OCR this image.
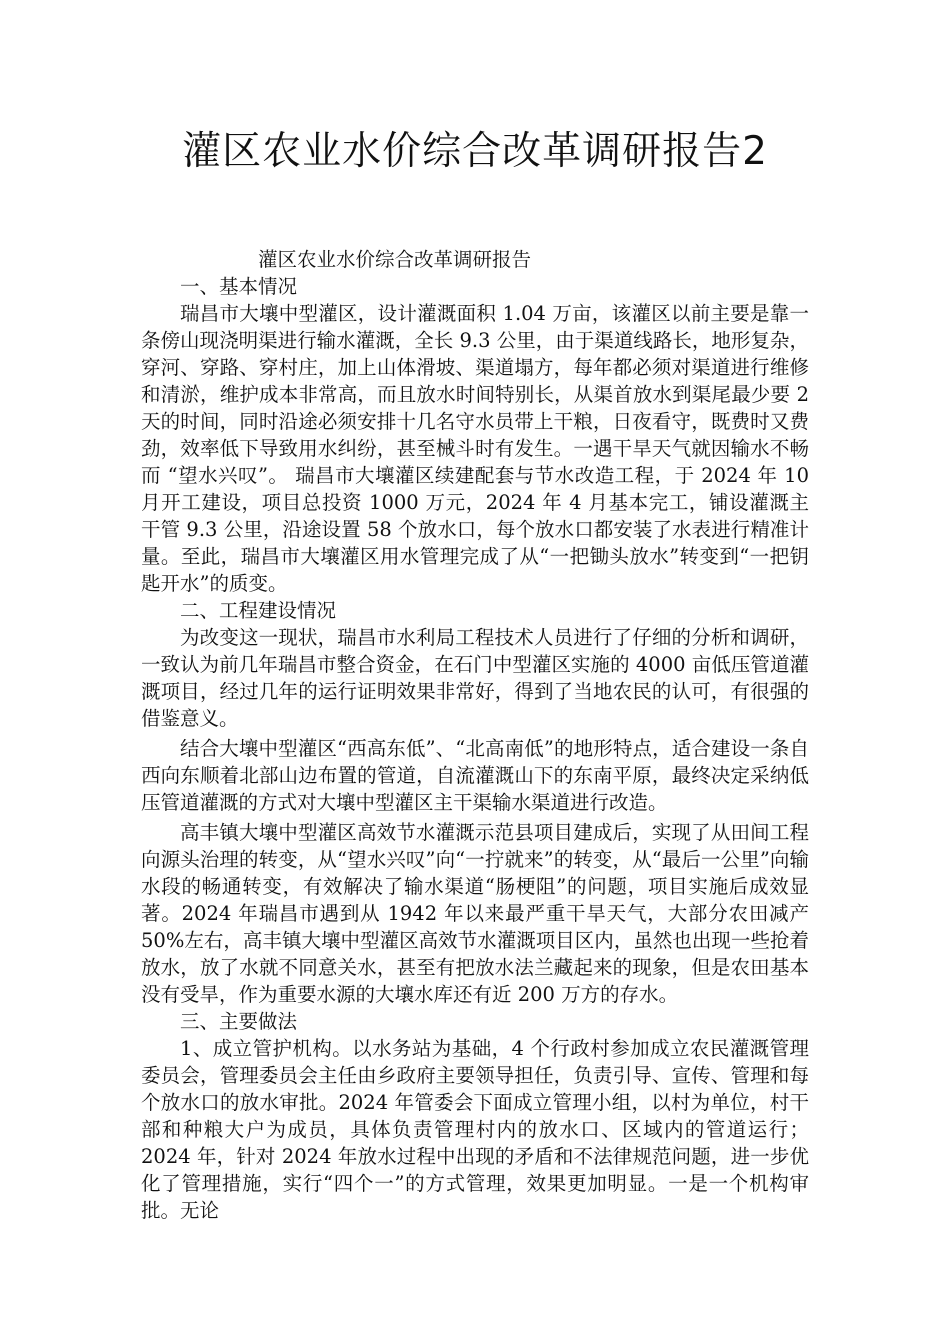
灌区农业水价综合改革调研报告2

灌区农业水价综合改革调研报告

一、基本情况

瑞昌市大壤中型灌区，设计灌溉面积 1.04 万亩，该灌区以前主要是靠一条傍山现浇明渠进行输水灌溉，全长 9.3 公里，由于渠道线路长，地形复杂，穿河、穿路、穿村庄，加上山体滑坡、渠道塌方，每年都必须对渠道进行维修和清淤，维护成本非常高，而且放水时间特别长，从渠首放水到渠尾最少要 2 天的时间，同时沿途必须安排十几名守水员带上干粮，日夜看守，既费时又费劲，效率低下导致用水纠纷，甚至械斗时有发生。一遇干旱天气就因输水不畅而 “望水兴叹”。 瑞昌市大壤灌区续建配套与节水改造工程，于 2024 年 10 月开工建设，项目总投资 1000 万元，2024 年 4 月基本完工，铺设灌溉主干管 9.3 公里，沿途设置 58 个放水口，每个放水口都安装了水表进行精准计量。至此，瑞昌市大壤灌区用水管理完成了从“一把锄头放水”转变到“一把钥匙开水”的质变。

二、工程建设情况

为改变这一现状，瑞昌市水利局工程技术人员进行了仔细的分析和调研，一致认为前几年瑞昌市整合资金，在石门中型灌区实施的 4000 亩低压管道灌溉项目，经过几年的运行证明效果非常好，得到了当地农民的认可，有很强的借鉴意义。

结合大壤中型灌区“西高东低”、“北高南低”的地形特点，适合建设一条自西向东顺着北部山边布置的管道，自流灌溉山下的东南平原，最终决定采纳低压管道灌溉的方式对大壤中型灌区主干渠输水渠道进行改造。

高丰镇大壤中型灌区高效节水灌溉示范县项目建成后，实现了从田间工程向源头治理的转变，从“望水兴叹”向“一拧就来”的转变，从“最后一公里”向输水段的畅通转变，有效解决了输水渠道“肠梗阻”的问题，项目实施后成效显著。2024 年瑞昌市遇到从 1942 年以来最严重干旱天气，大部分农田减产 50%左右，高丰镇大壤中型灌区高效节水灌溉项目区内，虽然也出现一些抢着放水，放了水就不同意关水，甚至有把放水法兰藏起来的现象，但是农田基本没有受旱，作为重要水源的大壤水库还有近 200 万方的存水。

三、主要做法

1、成立管护机构。以水务站为基础，4 个行政村参加成立农民灌溉管理委员会，管理委员会主任由乡政府主要领导担任，负责引导、宣传、管理和每个放水口的放水审批。2024 年管委会下面成立管理小组，以村为单位，村干部和种粮大户为成员，具体负责管理村内的放水口、区域内的管道运行；2024 年，针对 2024 年放水过程中出现的矛盾和不法律规范问题，进一步优化了管理措施，实行“四个一”的方式管理，效果更加明显。一是一个机构审批。无论
